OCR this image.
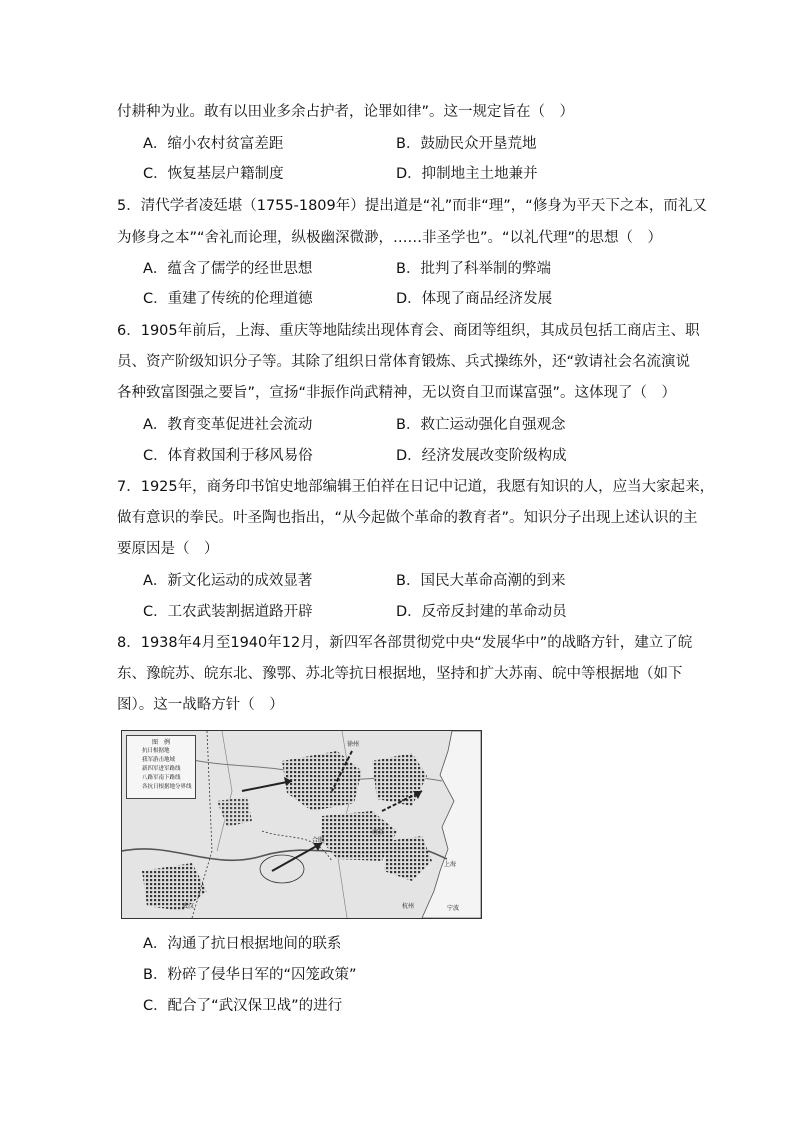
付耕种为业。敢有以田业多余占护者，论罪如律”。这一规定旨在（　）
A．缩小农村贫富差距	B．鼓励民众开垦荒地
C．恢复基层户籍制度	D．抑制地主土地兼并
5．清代学者凌廷堪（1755-1809年）提出道是“礼”而非“理”，“修身为平天下之本，而礼又
为修身之本”“舍礼而论理，纵极幽深微渺，……非圣学也”。“以礼代理”的思想（　）
A．蕴含了儒学的经世思想	B．批判了科举制的弊端
C．重建了传统的伦理道德	D．体现了商品经济发展
6．1905年前后，上海、重庆等地陆续出现体育会、商团等组织，其成员包括工商店主、职
员、资产阶级知识分子等。其除了组织日常体育锻炼、兵式操练外，还“敦请社会名流演说
各种致富图强之要旨”，宣扬“非振作尚武精神，无以资自卫而谋富强”。这体现了（　）
A．教育变革促进社会流动	B．救亡运动强化自强观念
C．体育救国利于移风易俗	D．经济发展改变阶级构成
7．1925年，商务印书馆史地部编辑王伯祥在日记中记道，我愿有知识的人，应当大家起来，
做有意识的拳民。叶圣陶也指出，“从今起做个革命的教育者”。知识分子出现上述认识的主
要原因是（　）
A．新文化运动的成效显著	B．国民大革命高潮的到来
C．工农武装割据道路开辟	D．反帝反封建的革命动员
8．1938年4月至1940年12月，新四军各部贯彻党中央“发展华中”的战略方针，建立了皖
东、豫皖苏、皖东北、豫鄂、苏北等抗日根据地，坚持和扩大苏南、皖中等根据地（如下
图）。这一战略方针（　）
图　例
抗日根据地
我军游击地域
新四军进军路线
八路军南下路线
各抗日根据地分界线
南京
上海
武汉
合肥
杭州	宁波
徐州
A．沟通了抗日根据地间的联系
B．粉碎了侵华日军的“囚笼政策”
C．配合了“武汉保卫战”的进行
